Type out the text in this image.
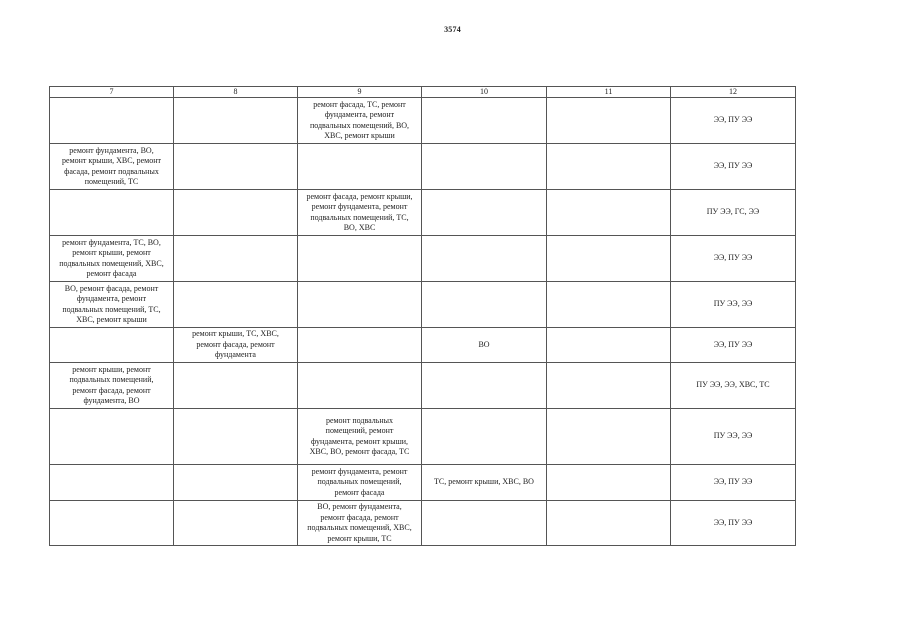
3574
7	8	9	10	11	12

		ремонт фасада, ТС, ремонт
фундамента, ремонт
подвальных помещений, ВО,
ХВС, ремонт крыши			ЭЭ, ПУ ЭЭ

ремонт фундамента, ВО,
ремонт крыши, ХВС, ремонт
фасада, ремонт подвальных
помещений, ТС					ЭЭ, ПУ ЭЭ

		ремонт фасада, ремонт крыши,
ремонт фундамента, ремонт
подвальных помещений, ТС,
ВО, ХВС			ПУ ЭЭ, ГС, ЭЭ

ремонт фундамента, ТС, ВО,
ремонт крыши, ремонт
подвальных помещений, ХВС,
ремонт фасада					ЭЭ, ПУ ЭЭ

ВО, ремонт фасада, ремонт
фундамента, ремонт
подвальных помещений, ТС,
ХВС, ремонт крыши					ПУ ЭЭ, ЭЭ

	ремонт крыши, ТС, ХВС,
ремонт фасада, ремонт
фундамента		ВО		ЭЭ, ПУ ЭЭ

ремонт крыши, ремонт
подвальных помещений,
ремонт фасада, ремонт
фундамента, ВО					ПУ ЭЭ, ЭЭ, ХВС, ТС

		ремонт подвальных
помещений, ремонт
фундамента, ремонт крыши,
ХВС, ВО, ремонт фасада, ТС			ПУ ЭЭ, ЭЭ

		ремонт фундамента, ремонт
подвальных помещений,
ремонт фасада	ТС, ремонт крыши, ХВС, ВО		ЭЭ, ПУ ЭЭ

		ВО, ремонт фундамента,
ремонт фасада, ремонт
подвальных помещений, ХВС,
ремонт крыши, ТС			ЭЭ, ПУ ЭЭ
